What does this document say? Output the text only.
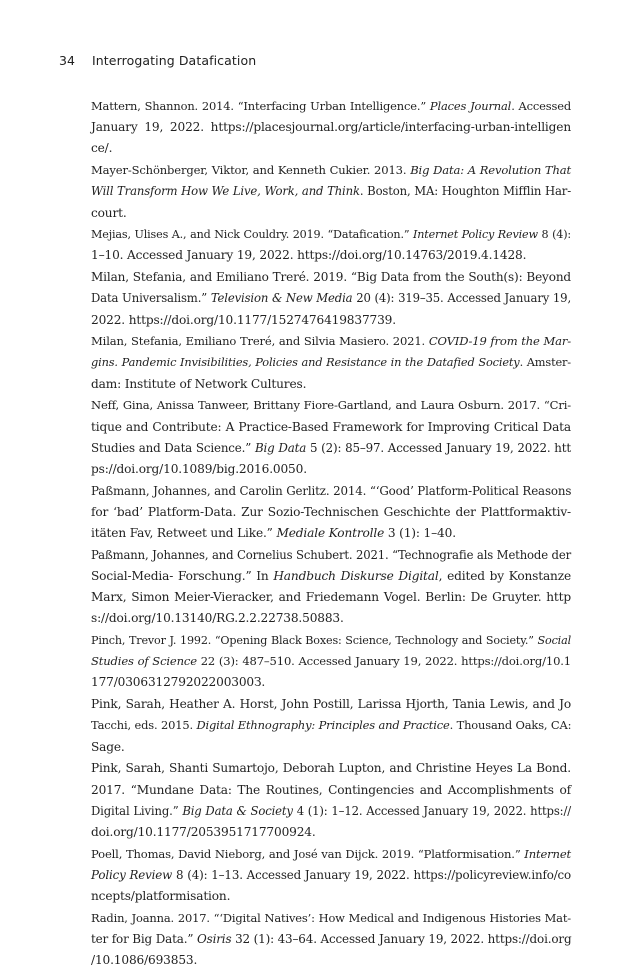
34 Interrogating Datafication
Mattern, Shannon. 2014. “Interfacing Urban Intelligence.” Places Journal. Accessed
January 19, 2022. https://placesjournal.org/article/interfacing-urban-intelligen
ce/.
Mayer-Schönberger, Viktor, and Kenneth Cukier. 2013. Big Data: A Revolution That
Will Transform How We Live, Work, and Think. Boston, MA: Houghton Mifflin Har-
court.
Mejias, Ulises A., and Nick Couldry. 2019. “Datafication.” Internet Policy Review 8 (4):
1–10. Accessed January 19, 2022. https://doi.org/10.14763/2019.4.1428.
Milan, Stefania, and Emiliano Treré. 2019. “Big Data from the South(s): Beyond
Data Universalism.” Television & New Media 20 (4): 319–35. Accessed January 19,
2022. https://doi.org/10.1177/1527476419837739.
Milan, Stefania, Emiliano Treré, and Silvia Masiero. 2021. COVID-19 from the Mar-
gins. Pandemic Invisibilities, Policies and Resistance in the Datafied Society. Amster-
dam: Institute of Network Cultures.
Neff, Gina, Anissa Tanweer, Brittany Fiore-Gartland, and Laura Osburn. 2017. “Cri-
tique and Contribute: A Practice-Based Framework for Improving Critical Data
Studies and Data Science.” Big Data 5 (2): 85–97. Accessed January 19, 2022. htt
ps://doi.org/10.1089/big.2016.0050.
Paßmann, Johannes, and Carolin Gerlitz. 2014. “‘Good’ Platform-Political Reasons
for ‘bad’ Platform-Data. Zur Sozio-Technischen Geschichte der Plattformaktiv-
itäten Fav, Retweet und Like.” Mediale Kontrolle 3 (1): 1–40.
Paßmann, Johannes, and Cornelius Schubert. 2021. “Technografie als Methode der
Social-Media- Forschung.” In Handbuch Diskurse Digital, edited by Konstanze
Marx, Simon Meier-Vieracker, and Friedemann Vogel. Berlin: De Gruyter. http
s://doi.org/10.13140/RG.2.2.22738.50883.
Pinch, Trevor J. 1992. “Opening Black Boxes: Science, Technology and Society.” Social
Studies of Science 22 (3): 487–510. Accessed January 19, 2022. https://doi.org/10.1
177/030631279202200300З.
Pink, Sarah, Heather A. Horst, John Postill, Larissa Hjorth, Tania Lewis, and Jo
Tacchi, eds. 2015. Digital Ethnography: Principles and Practice. Thousand Oaks, CA:
Sage.
Pink, Sarah, Shanti Sumartojo, Deborah Lupton, and Christine Heyes La Bond.
2017. “Mundane Data: The Routines, Contingencies and Accomplishments of
Digital Living.” Big Data & Society 4 (1): 1–12. Accessed January 19, 2022. https://
doi.org/10.1177/2053951717700924.
Poell, Thomas, David Nieborg, and José van Dijck. 2019. “Platformisation.” Internet
Policy Review 8 (4): 1–13. Accessed January 19, 2022. https://policyreview.info/co
ncepts/platformisation.
Radin, Joanna. 2017. “‘Digital Natives’: How Medical and Indigenous Histories Mat-
ter for Big Data.” Osiris 32 (1): 43–64. Accessed January 19, 2022. https://doi.org
/10.1086/693853.
